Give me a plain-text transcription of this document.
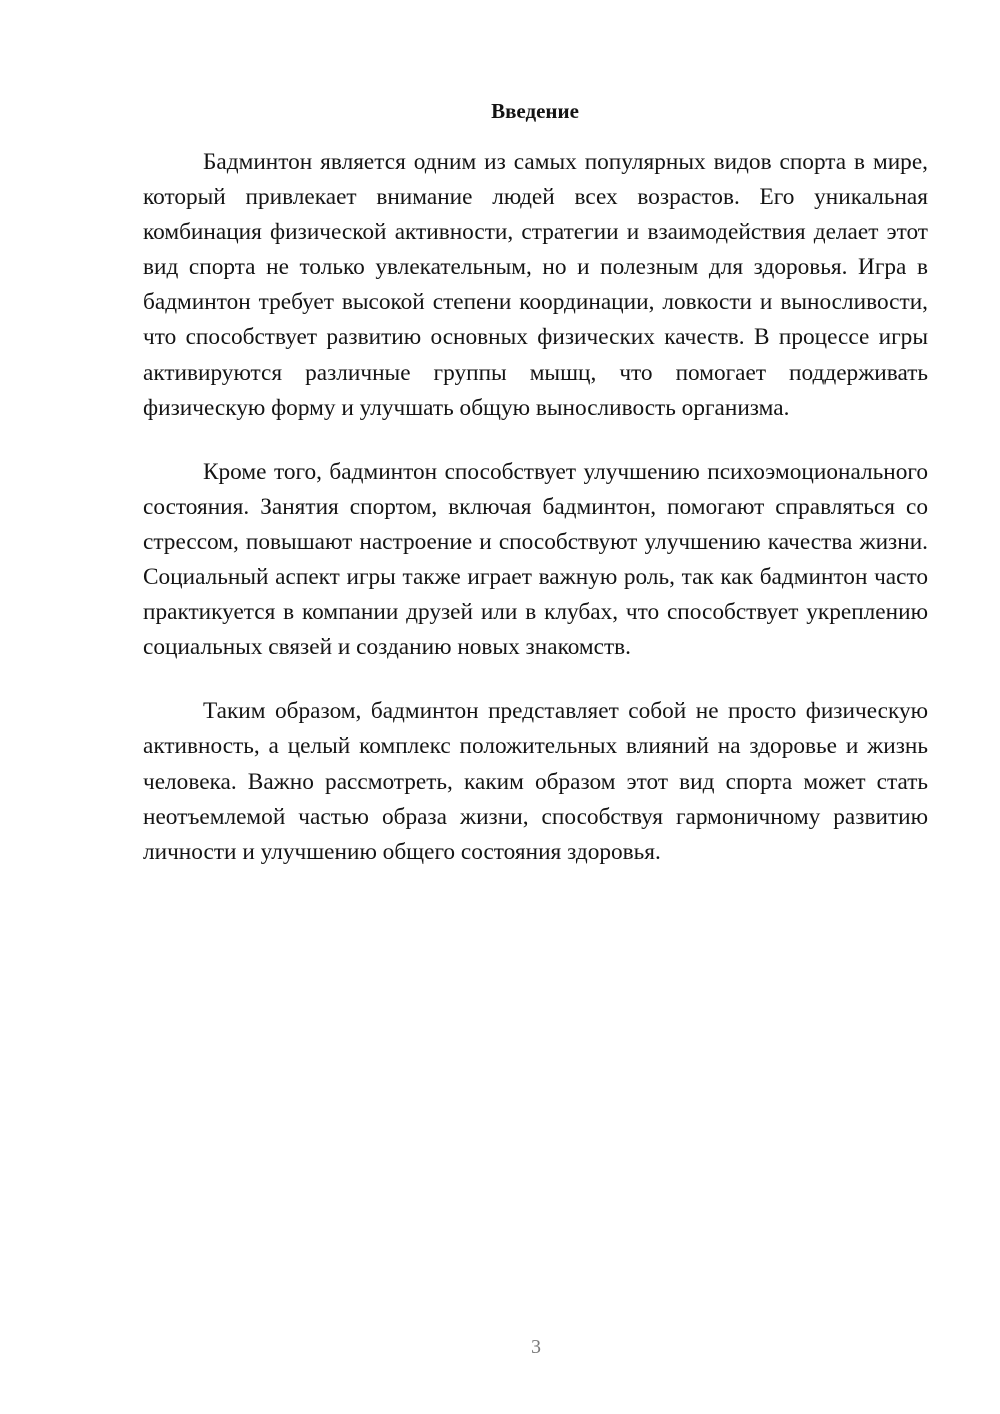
Введение

Бадминтон является одним из самых популярных видов спорта в мире, который привлекает внимание людей всех возрастов. Его уникальная комбинация физической активности, стратегии и взаимодействия делает этот вид спорта не только увлекательным, но и полезным для здоровья. Игра в бадминтон требует высокой степени координации, ловкости и выносливости, что способствует развитию основных физических качеств. В процессе игры активируются различные группы мышц, что помогает поддерживать физическую форму и улучшать общую выносливость организма.

Кроме того, бадминтон способствует улучшению психоэмоционального состояния. Занятия спортом, включая бадминтон, помогают справляться со стрессом, повышают настроение и способствуют улучшению качества жизни. Социальный аспект игры также играет важную роль, так как бадминтон часто практикуется в компании друзей или в клубах, что способствует укреплению социальных связей и созданию новых знакомств.

Таким образом, бадминтон представляет собой не просто физическую активность, а целый комплекс положительных влияний на здоровье и жизнь человека. Важно рассмотреть, каким образом этот вид спорта может стать неотъемлемой частью образа жизни, способствуя гармоничному развитию личности и улучшению общего состояния здоровья.

3
